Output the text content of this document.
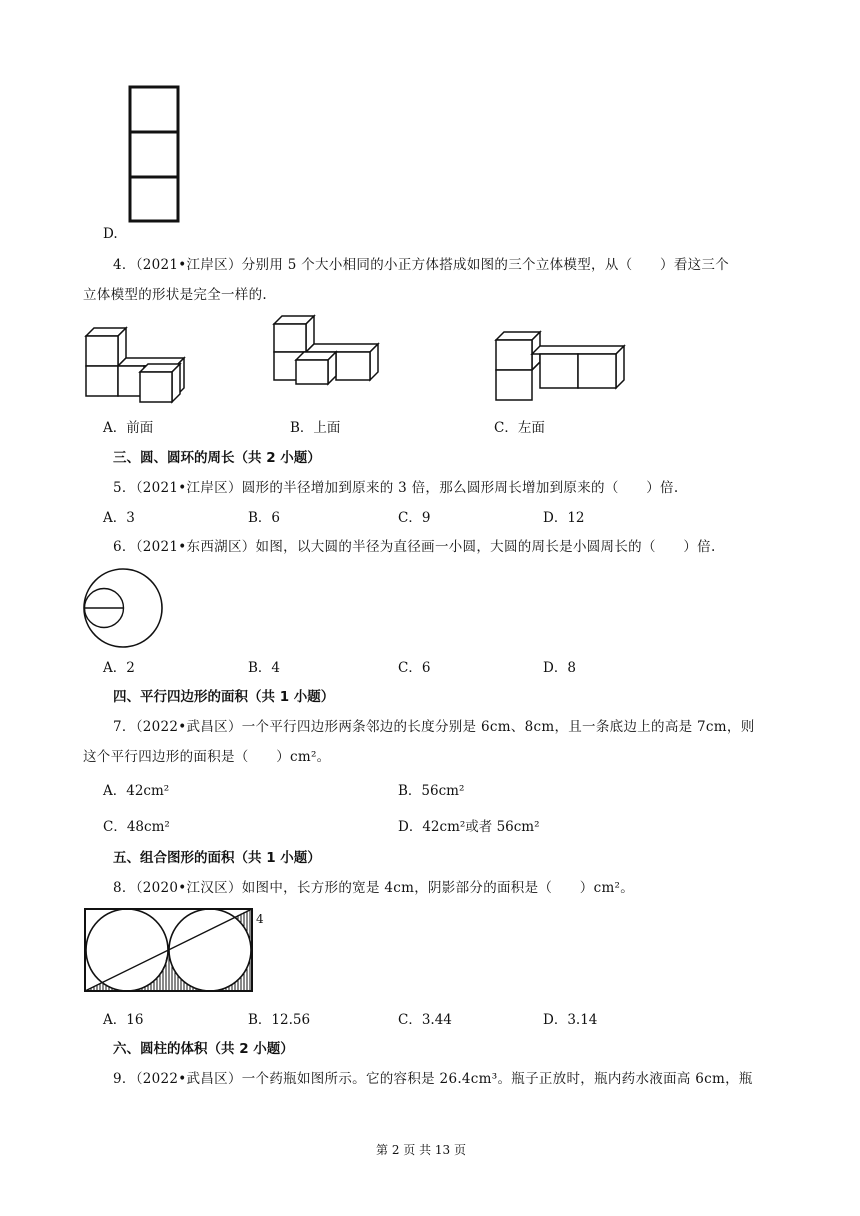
D.
4．（2021•江岸区）分别用 5 个大小相同的小正方体搭成如图的三个立体模型，从（　　）看这三个
立体模型的形状是完全一样的.
A．前面	B．上面	C．左面
三、圆、圆环的周长（共 2 小题）
5．（2021•江岸区）圆形的半径增加到原来的 3 倍，那么圆形周长增加到原来的（　　）倍.
A．3	B．6	C．9	D．12
6．（2021•东西湖区）如图，以大圆的半径为直径画一小圆，大圆的周长是小圆周长的（　　）倍.
A．2	B．4	C．6	D．8
四、平行四边形的面积（共 1 小题）
7．（2022•武昌区）一个平行四边形两条邻边的长度分别是 6cm、8cm，且一条底边上的高是 7cm，则
这个平行四边形的面积是（　　）cm²。
A．42cm²	B．56cm²
C．48cm²	D．42cm²或者 56cm²
五、组合图形的面积（共 1 小题）
8．（2020•江汉区）如图中，长方形的宽是 4cm，阴影部分的面积是（　　）cm²。
4
A．16	B．12.56	C．3.44	D．3.14
六、圆柱的体积（共 2 小题）
9．（2022•武昌区）一个药瓶如图所示。它的容积是 26.4cm³。瓶子正放时，瓶内药水液面高 6cm，瓶
第 2 页 共 13 页
